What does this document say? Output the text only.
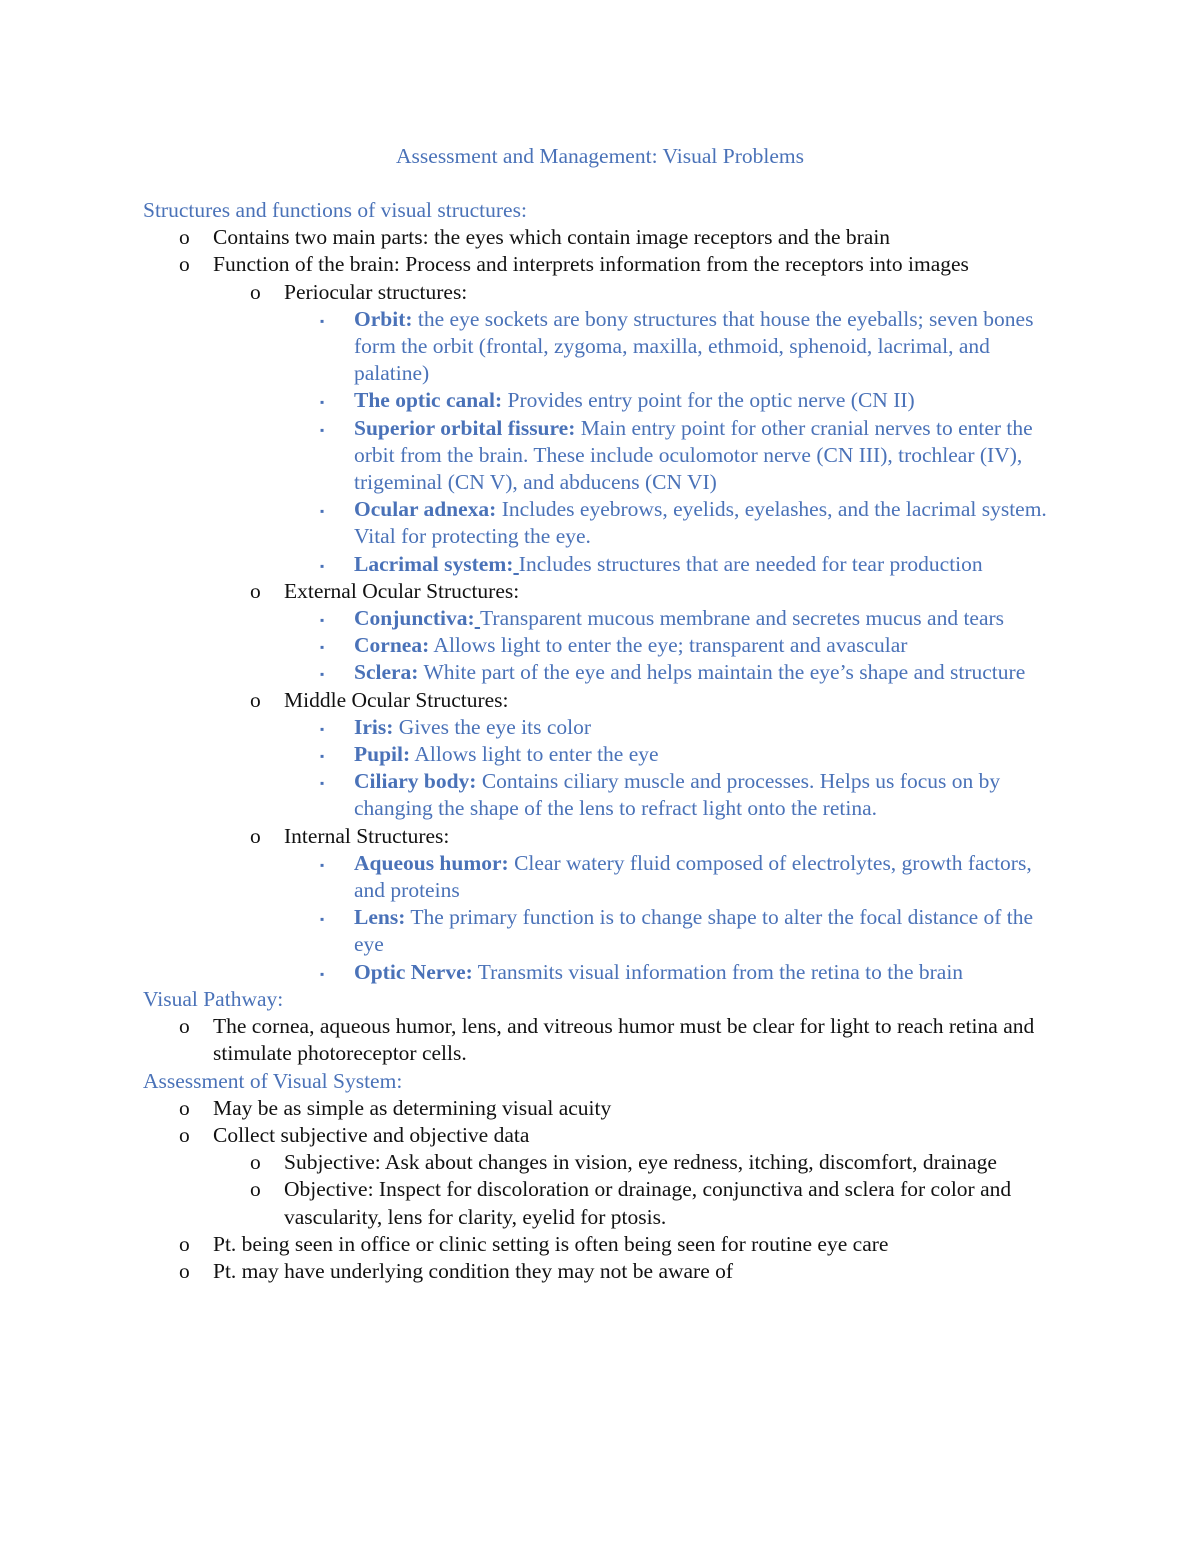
Assessment and Management: Visual Problems

Structures and functions of visual structures:

o Contains two main parts: the eyes which contain image receptors and the brain
o Function of the brain: Process and interprets information from the receptors into images
o Periocular structures:
▪ Orbit: the eye sockets are bony structures that house the eyeballs; seven bones form the orbit (frontal, zygoma, maxilla, ethmoid, sphenoid, lacrimal, and palatine)
▪ The optic canal: Provides entry point for the optic nerve (CN II)
▪ Superior orbital fissure: Main entry point for other cranial nerves to enter the orbit from the brain. These include oculomotor nerve (CN III), trochlear (IV), trigeminal (CN V), and abducens (CN VI)
▪ Ocular adnexa: Includes eyebrows, eyelids, eyelashes, and the lacrimal system. Vital for protecting the eye.
▪ Lacrimal system: Includes structures that are needed for tear production
o External Ocular Structures:
▪ Conjunctiva: Transparent mucous membrane and secretes mucus and tears
▪ Cornea: Allows light to enter the eye; transparent and avascular
▪ Sclera: White part of the eye and helps maintain the eye’s shape and structure
o Middle Ocular Structures:
▪ Iris: Gives the eye its color
▪ Pupil: Allows light to enter the eye
▪ Ciliary body: Contains ciliary muscle and processes. Helps us focus on by changing the shape of the lens to refract light onto the retina.
o Internal Structures:
▪ Aqueous humor: Clear watery fluid composed of electrolytes, growth factors, and proteins
▪ Lens: The primary function is to change shape to alter the focal distance of the eye
▪ Optic Nerve: Transmits visual information from the retina to the brain

Visual Pathway:

o The cornea, aqueous humor, lens, and vitreous humor must be clear for light to reach retina and stimulate photoreceptor cells.

Assessment of Visual System:

o May be as simple as determining visual acuity
o Collect subjective and objective data
o Subjective: Ask about changes in vision, eye redness, itching, discomfort, drainage
o Objective: Inspect for discoloration or drainage, conjunctiva and sclera for color and vascularity, lens for clarity, eyelid for ptosis.
o Pt. being seen in office or clinic setting is often being seen for routine eye care
o Pt. may have underlying condition they may not be aware of
